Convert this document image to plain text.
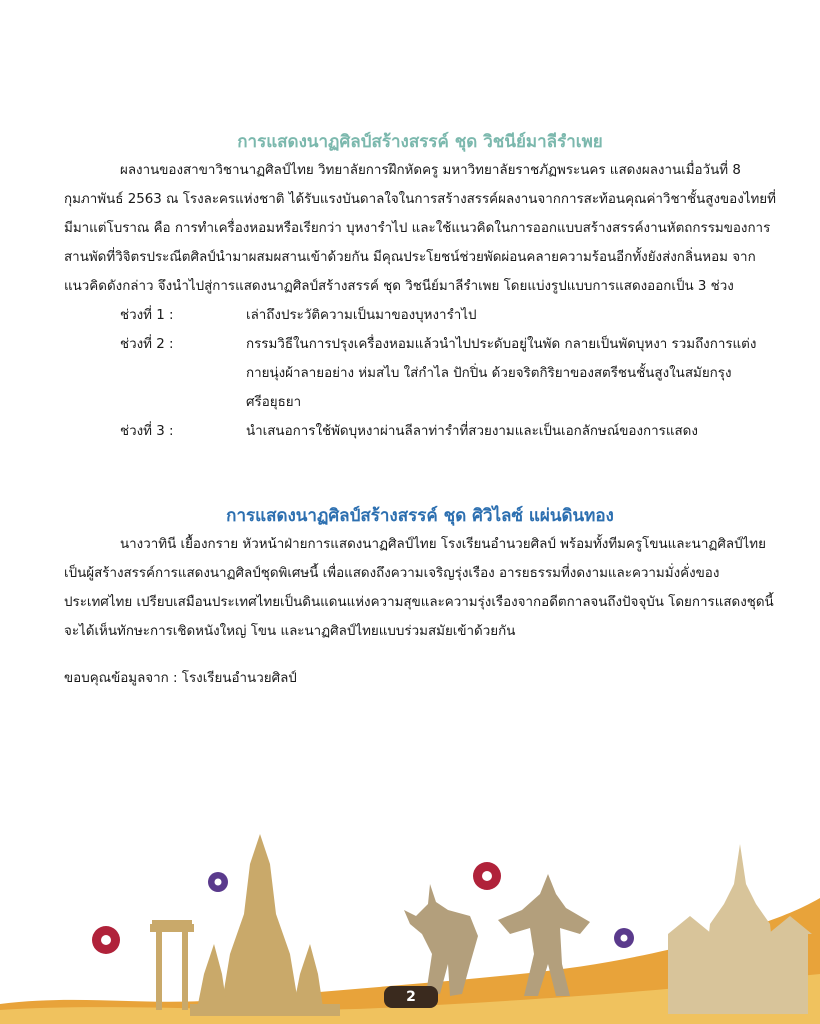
การแสดงนาฏศิลป์สร้างสรรค์ ชุด วิชนีย์มาลีรำเพย

ผลงานของสาขาวิชานาฏศิลป์ไทย วิทยาลัยการฝึกหัดครู มหาวิทยาลัยราชภัฏพระนคร แสดงผลงานเมื่อวันที่ 8 กุมภาพันธ์ 2563 ณ โรงละครแห่งชาติ ได้รับแรงบันดาลใจในการสร้างสรรค์ผลงานจากการสะท้อนคุณค่าวิชาชั้นสูงของไทยที่มีมาแต่โบราณ คือ การทำเครื่องหอมหรือเรียกว่า บุหงารำไป และใช้แนวคิดในการออกแบบสร้างสรรค์งานหัตถกรรมของการสานพัดที่วิจิตรประณีตศิลป์นำมาผสมผสานเข้าด้วยกัน มีคุณประโยชน์ช่วยพัดผ่อนคลายความร้อนอีกทั้งยังส่งกลิ่นหอม จากแนวคิดดังกล่าว จึงนำไปสู่การแสดงนาฏศิลป์สร้างสรรค์ ชุด วิชนีย์มาลีรำเพย โดยแบ่งรูปแบบการแสดงออกเป็น 3 ช่วง

ช่วงที่ 1 :	เล่าถึงประวัติความเป็นมาของบุหงารำไป
ช่วงที่ 2 :	กรรมวิธีในการปรุงเครื่องหอมแล้วนำไปประดับอยู่ในพัด กลายเป็นพัดบุหงา รวมถึงการแต่งกายนุ่งผ้าลายอย่าง ห่มสไบ ใส่กำไล ปักปิ่น ด้วยจริตกิริยาของสตรีชนชั้นสูงในสมัยกรุงศรีอยุธยา
ช่วงที่ 3 :	นำเสนอการใช้พัดบุหงาผ่านลีลาท่ารำที่สวยงามและเป็นเอกลักษณ์ของการแสดง
การแสดงนาฏศิลป์สร้างสรรค์ ชุด ศิวิไลซ์ แผ่นดินทอง

นางวาทินี เยื้องกราย หัวหน้าฝ่ายการแสดงนาฏศิลป์ไทย โรงเรียนอำนวยศิลป์ พร้อมทั้งทีมครูโขนและนาฏศิลป์ไทย เป็นผู้สร้างสรรค์การแสดงนาฏศิลป์ชุดพิเศษนี้ เพื่อแสดงถึงความเจริญรุ่งเรือง อารยธรรมที่งดงามและความมั่งคั่งของประเทศไทย เปรียบเสมือนประเทศไทยเป็นดินแดนแห่งความสุขและความรุ่งเรืองจากอดีตกาลจนถึงปัจจุบัน โดยการแสดงชุดนี้จะได้เห็นทักษะการเชิดหนังใหญ่ โขน และนาฏศิลป์ไทยแบบร่วมสมัยเข้าด้วยกัน

ขอบคุณข้อมูลจาก : โรงเรียนอำนวยศิลป์

2
